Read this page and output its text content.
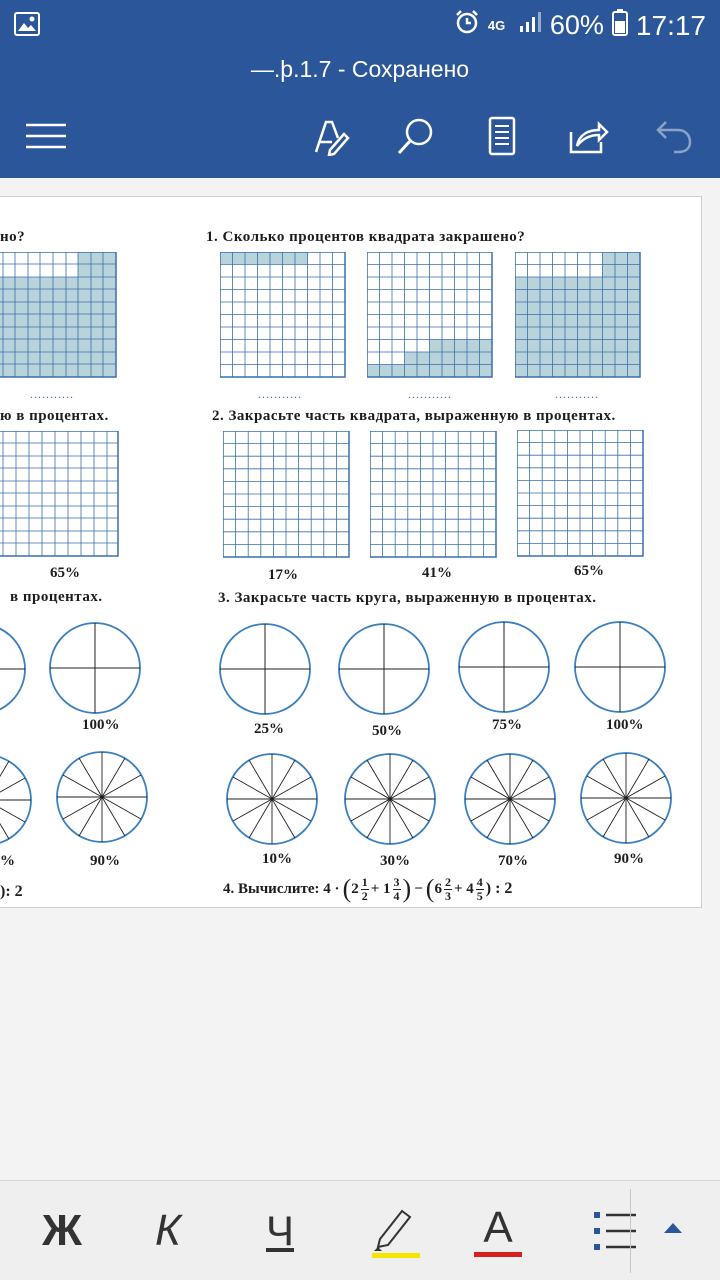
4G 60% 17:17
—.þ.1.7 - Сохранено
но?
...........
ю в процентах.
65%
в процентах.
100%
%	90%
): 2
1. Сколько процентов квадрата закрашено?
...........	...........	...........
2. Закрасьте часть квадрата, выраженную в процентах.
17%	41%	65%
3. Закрасьте часть круга, выраженную в процентах.
25%	50%	75%	100%
10%	30%	70%	90%
4. Вычислите: 4 · ( 2 1
2 + 1 3
4 ) − ( 6 2
3 + 4 4
5 ) : 2
Ж	К	Ч	А
